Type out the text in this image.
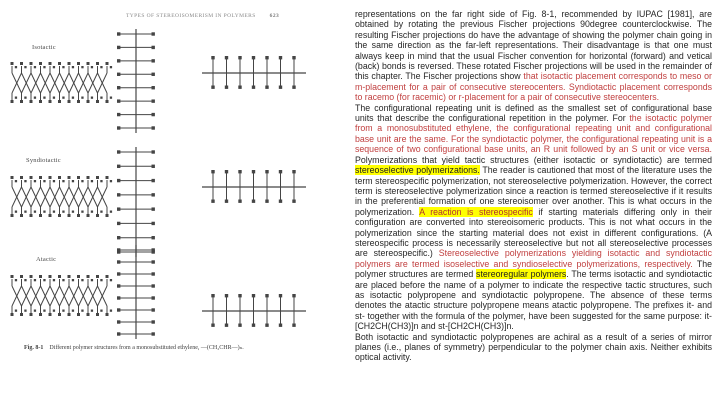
TYPES OF STEREOISOMERISM IN POLYMERS	623
Isotactic
Syndiotactic
Atactic
Fig. 8-1 Different polymer structures from a monosubstituted ethylene, —(CH₂CHR—)ₙ.

representations on the far right side of Fig. 8-1, recommended by IUPAC [1981], are obtained by rotating the previous Fischer projections 90degree counterclockwise. The resulting Fischer projections do have the advantage of showing the polymer chain going in the same direction as the far-left representations. Their disadvantage is that one must always keep in mind that the usual Fischer convention for horizontal (forward) and vetical (back) bonds is reversed. These rotated Fischer projections will be used in the remainder of this chapter. The Fischer projections show that isotactic placement corresponds to meso or m-placement for a pair of consecutive stereocenters. Syndiotactic placement corresponds to racemo (for racemic) or r-placement for a pair of consecutive stereocenters.

The configurational repeating unit is defined as the smallest set of configurational base units that describe the configurational repetition in the polymer. For the isotactic polymer from a monosubstituted ethylene, the configurational repeating unit and configurational base unit are the same. For the syndiotactic polymer, the configurational repeating unit is a sequence of two configurational base units, an R unit followed by an S unit or vice versa. Polymerizations that yield tactic structures (either isotactic or syndiotactic) are termed stereoselective polymerizations. The reader is cautioned that most of the literature uses the term stereospecific polymerization, not stereoselective polymerization. However, the correct term is stereoselective polymerization since a reaction is termed stereoselective if it results in the preferential formation of one stereoisomer over another. This is what occurs in the polymerization. A reaction is stereospecific if starting materials differing only in their configuration are converted into stereoisomeric products. This is not what occurs in the polymerization since the starting material does not exist in different configurations. (A stereospecific process is necessarily stereoselective but not all stereoselective processes are stereospecific.) Stereoselective polymerizations yielding isotactic and syndiotactic polymers are termed isoselective and syndioselective polymerizations, respectively. The polymer structures are termed stereoregular polymers. The terms isotactic and syndiotactic are placed before the name of a polymer to indicate the respective tactic structures, such as isotactic polypropene and syndiotactic polypropene. The absence of these terms denotes the atactic structure polypropene means atactic polypropene. The prefixes it- and st- together with the formula of the polymer, have been suggested for the same purpose: it-[CH2CH(CH3)]n and st-[CH2CH(CH3)]n.

Both isotactic and syndiotactic polypropenes are achiral as a result of a series of mirror planes (i.e., planes of symmetry) perpendicular to the polymer chain axis. Neither exhibits optical activity.
